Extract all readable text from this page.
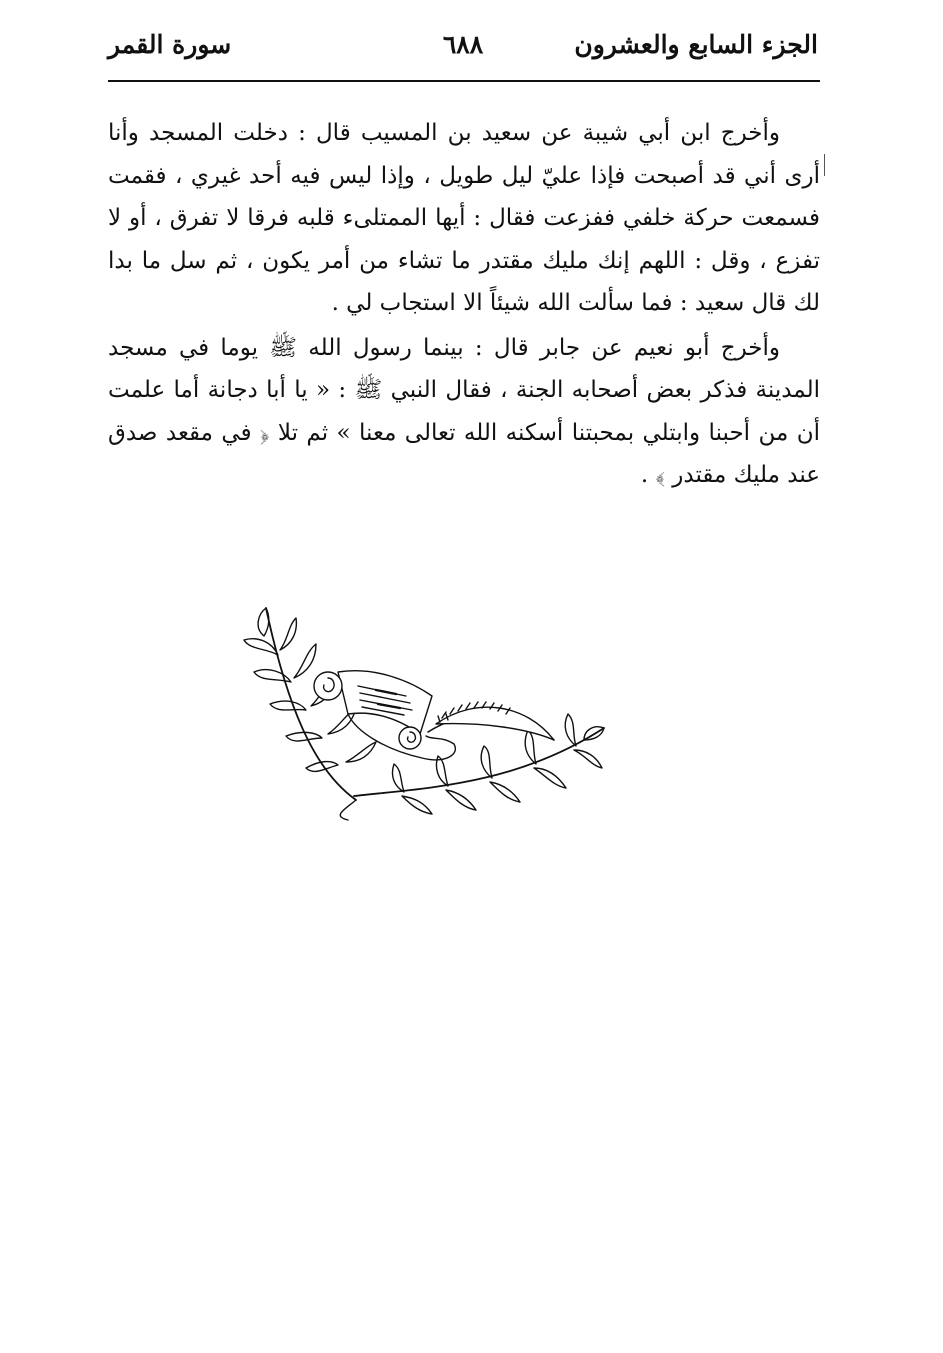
الجزء السابع والعشرون
٦٨٨
سورة القمر

وأخرج ابن أبي شيبة عن سعيد بن المسيب قال : دخلت المسجد وأنا أرى أني قد أصبحت فإذا عليّ ليل طويل ، وإذا ليس فيه أحد غيري ، فقمت فسمعت حركة خلفي ففزعت فقال : أيها الممتلىء قلبه فرقا لا تفرق ، أو لا تفزع ، وقل : اللهم إنك مليك مقتدر ما تشاء من أمر يكون ، ثم سل ما بدا لك قال سعيد : فما سألت الله شيئاً الا استجاب لي .

وأخرج أبو نعيم عن جابر قال : بينما رسول الله ﷺ يوما في مسجد المدينة فذكر بعض أصحابه الجنة ، فقال النبي ﷺ : « يا أبا دجانة أما علمت أن من أحبنا وابتلي بمحبتنا أسكنه الله تعالى معنا » ثم تلا ﴿ في مقعد صدق عند مليك مقتدر ﴾ .
